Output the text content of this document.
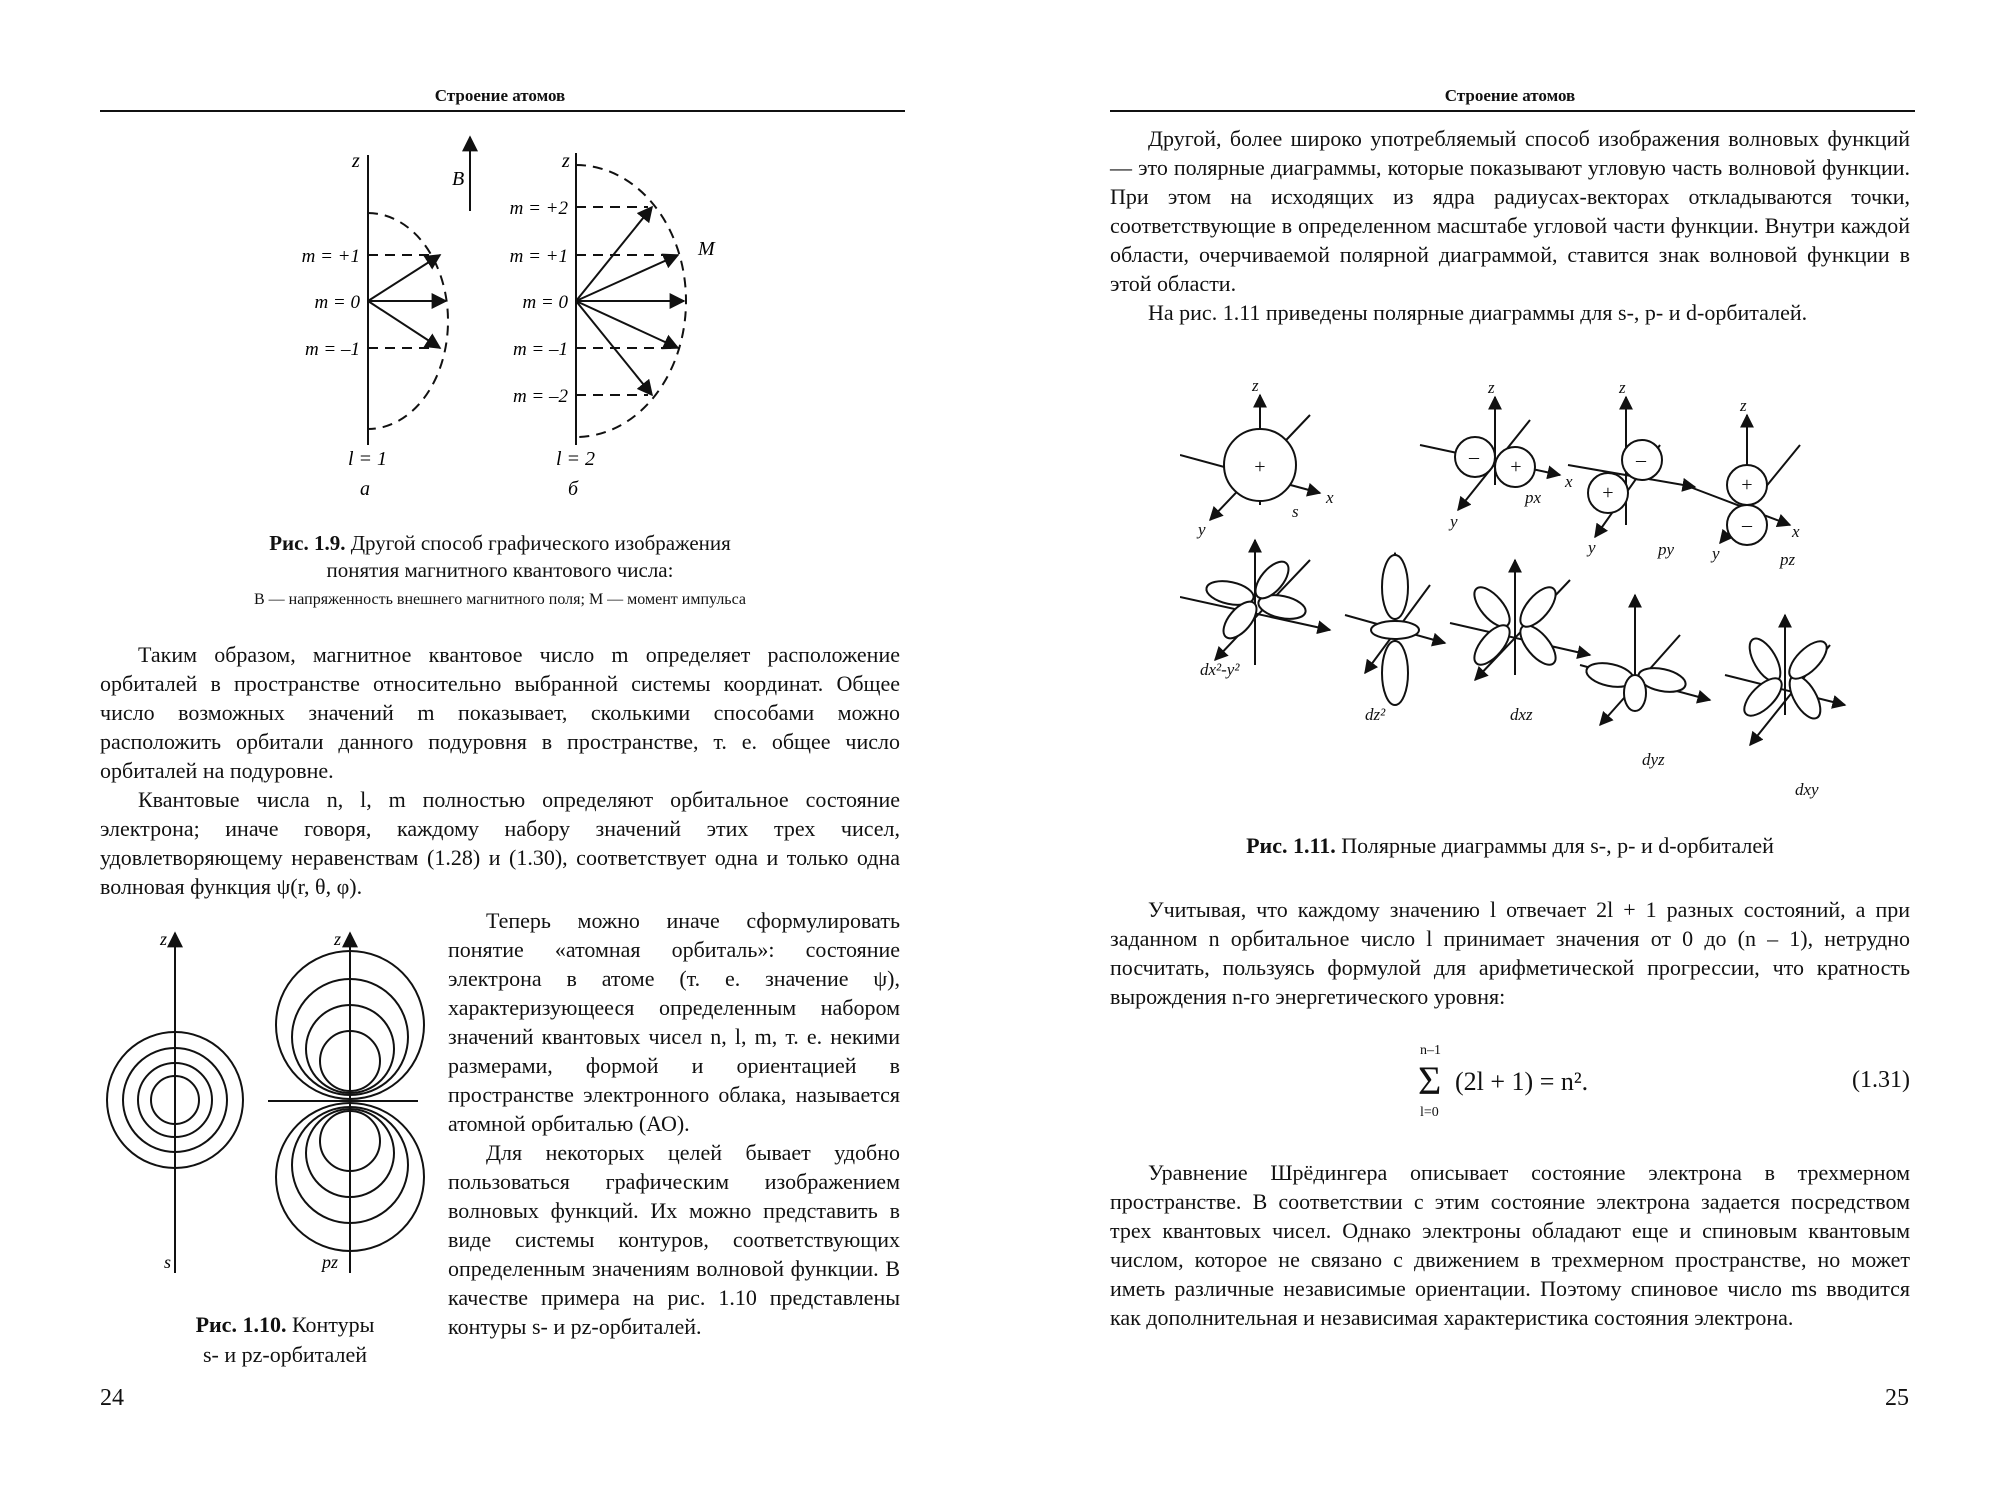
Строение атомов
z
m = +1
m = 0
m = –1
l = 1
а
B
z
m = +2
m = +1
m = 0
m = –1
m = –2
M
l = 2
б
Рис. 1.9. Другой способ графического изображения
понятия магнитного квантового числа:
B — напряженность внешнего магнитного поля; M — момент импульса

Таким образом, магнитное квантовое число m определяет расположение орбиталей в пространстве относительно выбранной системы координат. Общее число возможных значений m показывает, сколькими способами можно расположить орбитали данного подуровня в пространстве, т. е. общее число орбиталей на подуровне.

Квантовые числа n, l, m полностью определяют орбитальное состояние электрона; иначе говоря, каждому набору значений этих трех чисел, удовлетворяющему неравенствам (1.28) и (1.30), соответствует одна и только одна волновая функция ψ(r, θ, φ).

z
s
z
pz
Рис. 1.10. Контуры
s- и pz-орбиталей

Теперь можно иначе сформулировать понятие «атомная орбиталь»: состояние электрона в атоме (т. е. значение ψ), характеризующееся определенным набором значений квантовых чисел n, l, m, т. е. некими размерами, формой и ориентацией в пространстве электронного облака, называется атомной орбиталью (АО).

Для некоторых целей бывает удобно пользоваться графическим изображением волновых функций. Их можно представить в виде системы контуров, соответствующих определенным значениям волновой функции. В качестве примера на рис. 1.10 представлены контуры s- и pz-орбиталей.

24
Строение атомов

Другой, более широко употребляемый способ изображения волновых функций — это полярные диаграммы, которые показывают угловую часть волновой функции. При этом на исходящих из ядра радиусах-векторах откладываются точки, соответствующие в определенном масштабе угловой части функции. Внутри каждой области, очерчиваемой полярной диаграммой, ставится знак волновой функции в этой области.

На рис. 1.11 приведены полярные диаграммы для s-, p- и d-орбиталей.

+	– +	–
+	+
–
z
x
y
s
z
x
y
px
z
y	py
z
x
y	pz
dx²-y²
dz²	dxz
dyz
dxy
Рис. 1.11. Полярные диаграммы для s-, p- и d-орбиталей

Учитывая, что каждому значению l отвечает 2l + 1 разных состояний, а при заданном n орбитальное число l принимает значения от 0 до (n – 1), нетрудно посчитать, пользуясь формулой для арифметической прогрессии, что кратность вырождения n-го энергетического уровня:

n–1
Σ
l=0
(2l + 1) = n².	(1.31)

Уравнение Шрёдингера описывает состояние электрона в трехмерном пространстве. В соответствии с этим состояние электрона задается посредством трех квантовых чисел. Однако электроны обладают еще и спиновым квантовым числом, которое не связано с движением в трехмерном пространстве, но может иметь различные независимые ориентации. Поэтому спиновое число ms вводится как дополнительная и независимая характеристика состояния электрона.

25
